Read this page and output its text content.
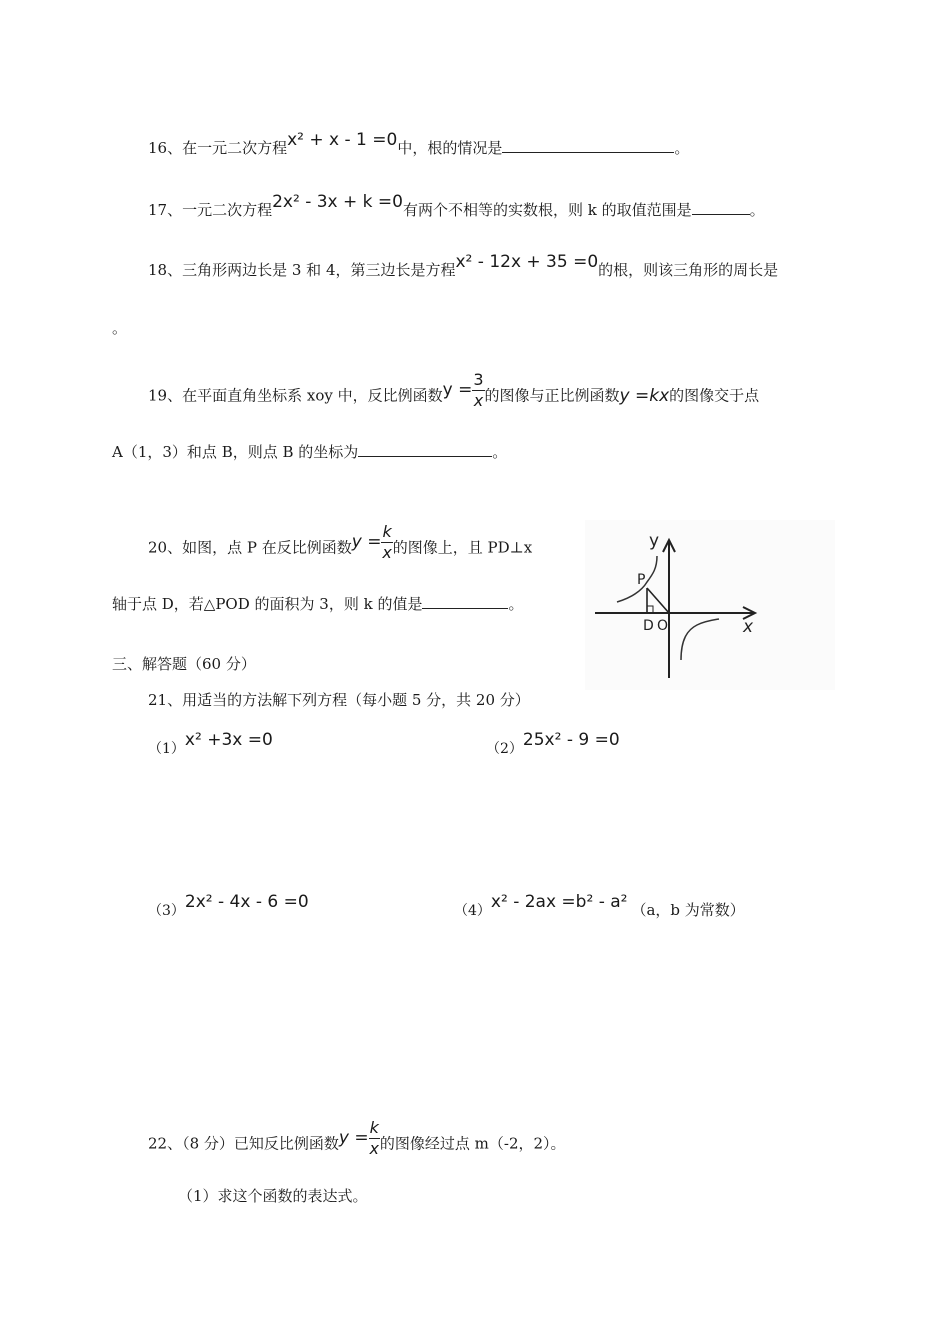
16、在一元二次方程x² + x - 1 =0中，根的情况是	。
17、一元二次方程2x² - 3x + k =0有两个不相等的实数根，则 k 的取值范围是	。
18、三角形两边长是 3 和 4，第三边长是方程x² - 12x + 35 =0的根，则该三角形的周长是
。
19、在平面直角坐标系 xoy 中，反比例函数$y = \frac{3}{x}$ 的图像与正比例函数y =kx的图像交于点
A（1，3）和点 B，则点 B 的坐标为	。
20、如图，点 P 在反比例函数$y = \frac{k}{x}$ 的图像上，且 PD⊥x
轴于点 D，若△POD 的面积为 3，则 k 的值是	。
y
x
P
D O
三、解答题（60 分）
21、用适当的方法解下列方程（每小题 5 分，共 20 分）
（1）x² +3x =0	（2）25x² - 9 =0
（3）2x² - 4x - 6 =0	（4）x² - 2ax =b² - a² （a，b 为常数）
22、（8 分）已知反比例函数$y = \frac{k}{x}$ 的图像经过点 m（-2，2）。
（1）求这个函数的表达式。
